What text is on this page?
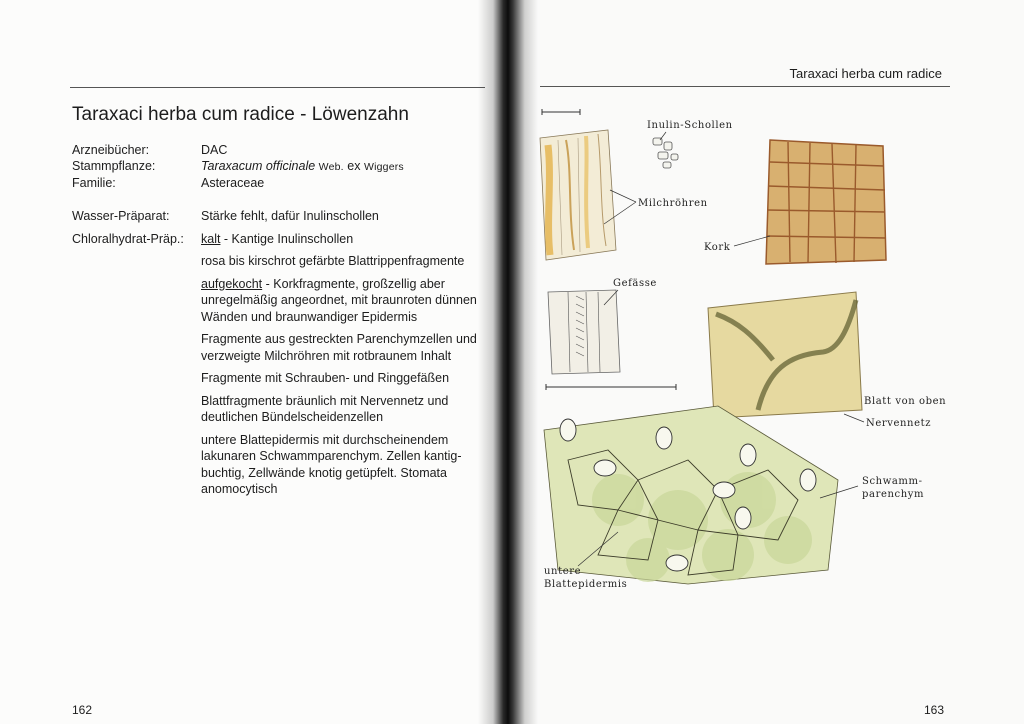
Taraxaci herba cum radice
Taraxaci herba cum radice - Löwenzahn
Arzneibücher:	DAC
Stammpflanze:	Taraxacum officinale Web. ex Wiggers
Familie:	Asteraceae
Wasser-Präparat:	Stärke fehlt, dafür Inulinschollen
Chloralhydrat-Präp.:	kalt - Kantige Inulinschollen
rosa bis kirschrot gefärbte Blattrippenfragmente
aufgekocht - Korkfragmente, großzellig aber unregelmäßig angeordnet, mit braunroten dünnen Wänden und braunwandiger Epidermis
Fragmente aus gestreckten Parenchymzellen und verzweigte Milchröhren mit rotbraunem Inhalt
Fragmente mit Schrauben- und Ringgefäßen
Blattfragmente bräunlich mit Nervennetz und deutlichen Bündelscheidenzellen
untere Blattepidermis mit durchscheinendem lakunaren Schwammparenchym. Zellen kantig-buchtig, Zellwände knotig getüpfelt. Stomata anomocytisch
162	163
Inulin-Schollen
Milchröhren
Kork
Gefässe
Blatt von oben
Nervennetz
Schwamm-
parenchym
untere
Blattepidermis
